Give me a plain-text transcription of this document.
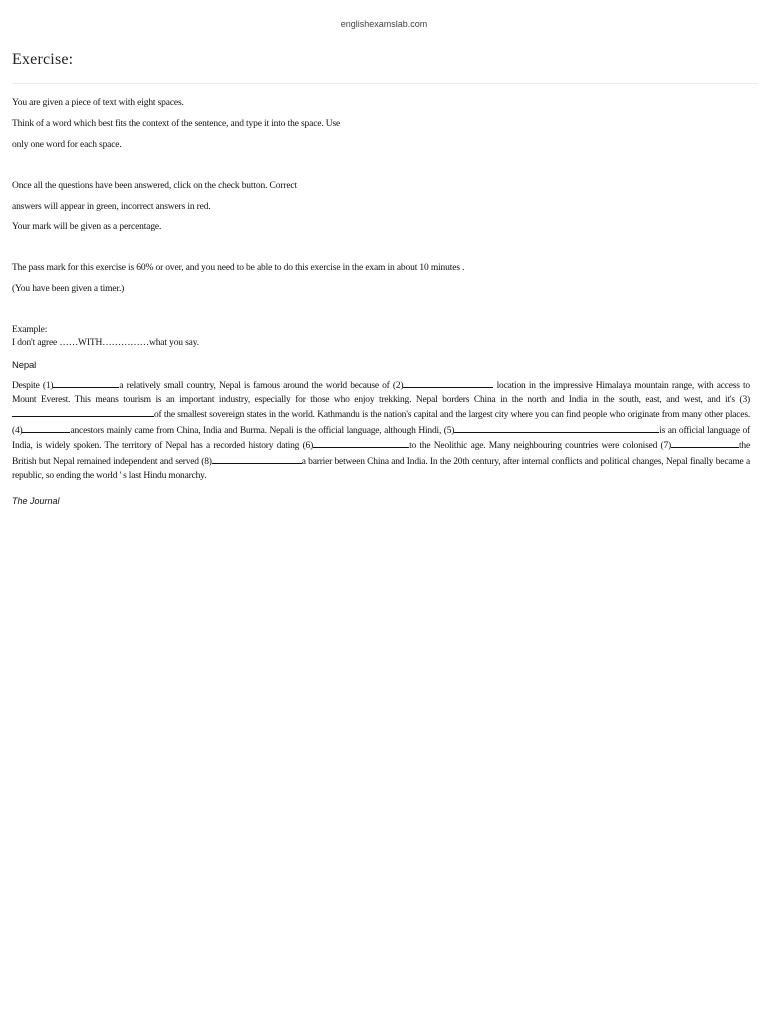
englishexamslab.com
Exercise:
You are given a piece of text with eight spaces.
Think of a word which best fits the context of the sentence, and type it into the space. Use
only one word for each space.
Once all the questions have been answered, click on the check button. Correct
answers will appear in green, incorrect answers in red.
Your mark will be given as a percentage.
The pass mark for this exercise is 60% or over, and you need to be able to do this exercise in the exam in about 10 minutes .
(You have been given a timer.)
Example:
I don't agree ……WITH……………what you say.
Nepal
Despite (1)	a relatively small country, Nepal is famous around the world because of (2)	location in the impressive Himalaya mountain range, with access to Mount Everest. This means tourism is an important industry, especially for those who enjoy trekking. Nepal borders China in the north and India in the south, east, and west, and it's (3)of the smallest sovereign states in the world. Kathmandu is the nation's capital and the largest city where you can find people who originate from many other places. (4)	ancestors mainly came from China, India and Burma. Nepali is the official language, although Hindi, (5)	is an official language of India, is widely spoken. The territory of Nepal has a recorded history dating (6)	to the Neolithic age. Many neighbouring countries were colonised (7)	the British but Nepal remained independent and served (8)	a barrier between China and India. In the 20th century, after internal conflicts and political changes, Nepal finally became a republic, so ending the world ' s last Hindu monarchy.
The Journal
